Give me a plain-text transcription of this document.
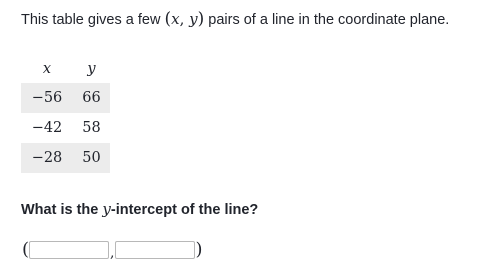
This table gives a few (x, y) pairs of a line in the coordinate plane.
x	y
−56	66
−42	58
−28	50
What is the y-intercept of the line?
(	,	)
